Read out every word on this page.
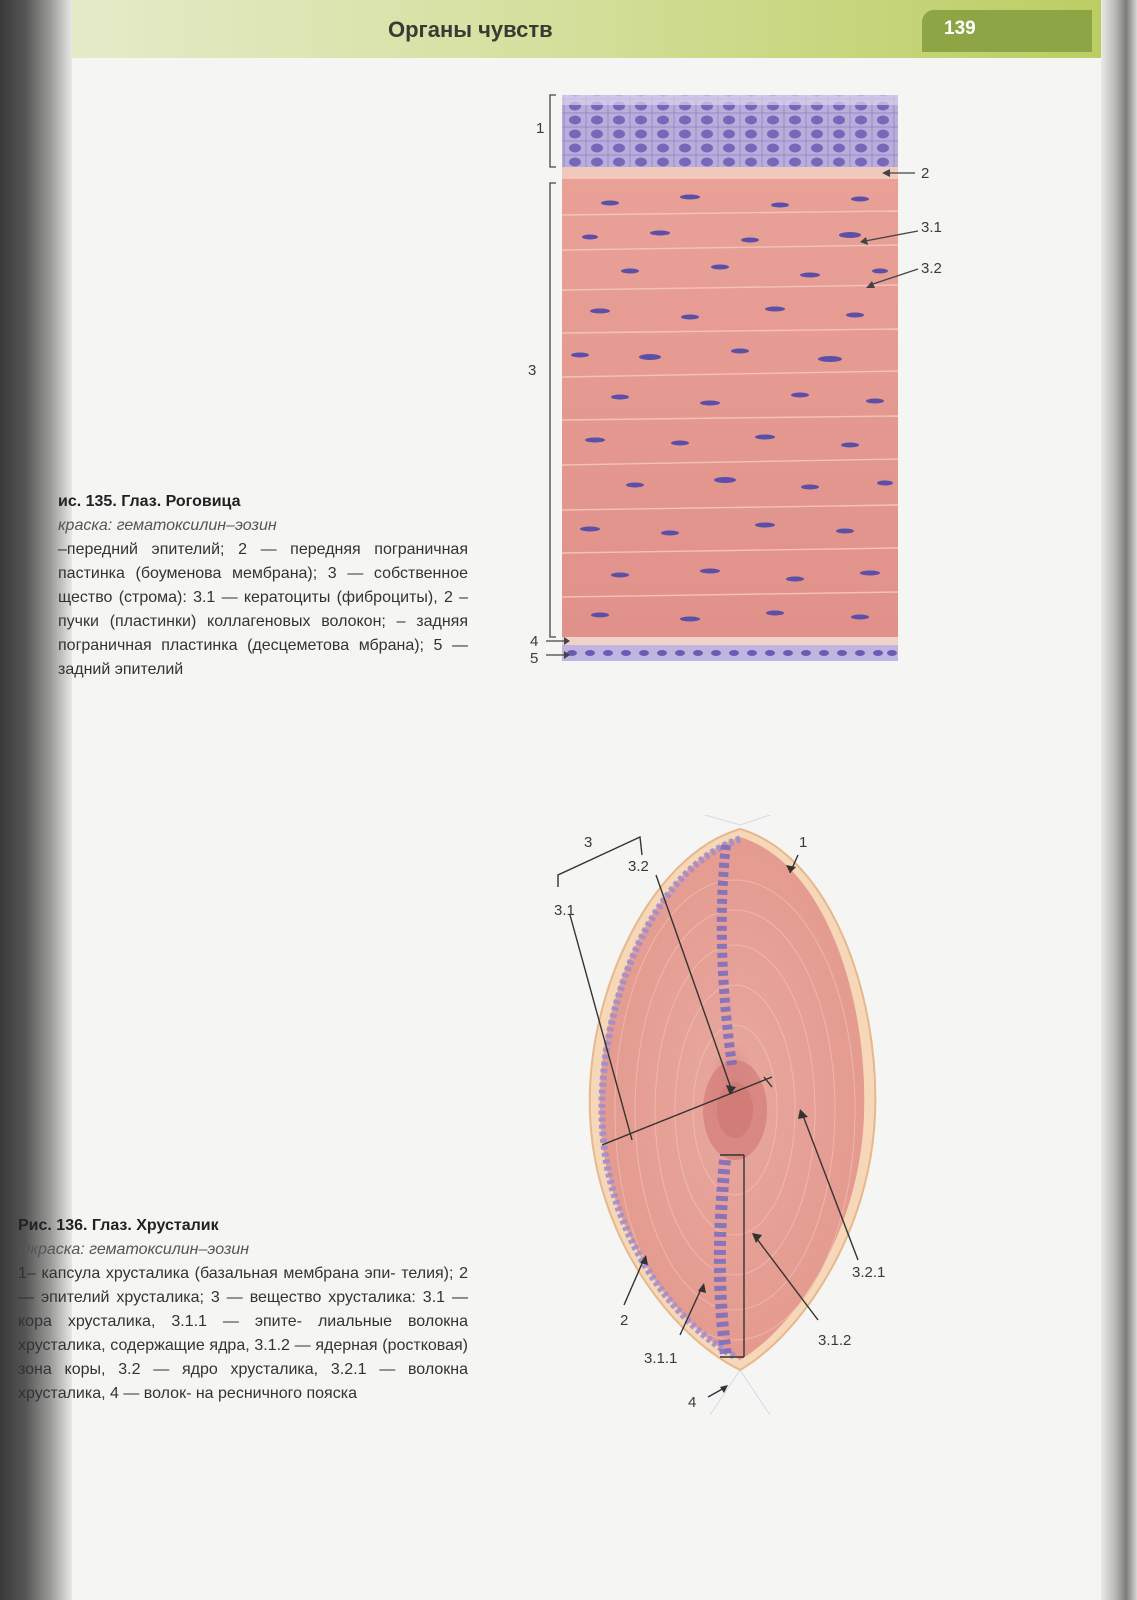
Органы чувств	139
1
2
3
3.1
3.2
4
5
ис. 135. Глаз. Роговица
краска: гематоксилин–эозин
–передний эпителий; 2 — передняя пограничная пастинка (боуменова мембрана); 3 — собственное щество (строма): 3.1 — кератоциты (фиброциты), 2 – пучки (пластинки) коллагеновых волокон; – задняя пограничная пластинка (десцеметова мбрана); 5 — задний эпителий
3
3.2
3.1
1
3.2.1
3.1.2
3.1.1
2
4
Рис. 136. Глаз. Хрусталик
Окраска: гематоксилин–эозин
1– капсула хрусталика (базальная мембрана эпи- телия); 2 — эпителий хрусталика; 3 — вещество хрусталика: 3.1 — кора хрусталика, 3.1.1 — эпите- лиальные волокна хрусталика, содержащие ядра, 3.1.2 — ядерная (ростковая) зона коры, 3.2 — ядро хрусталика, 3.2.1 — волокна хрусталика, 4 — волок- на ресничного пояска
